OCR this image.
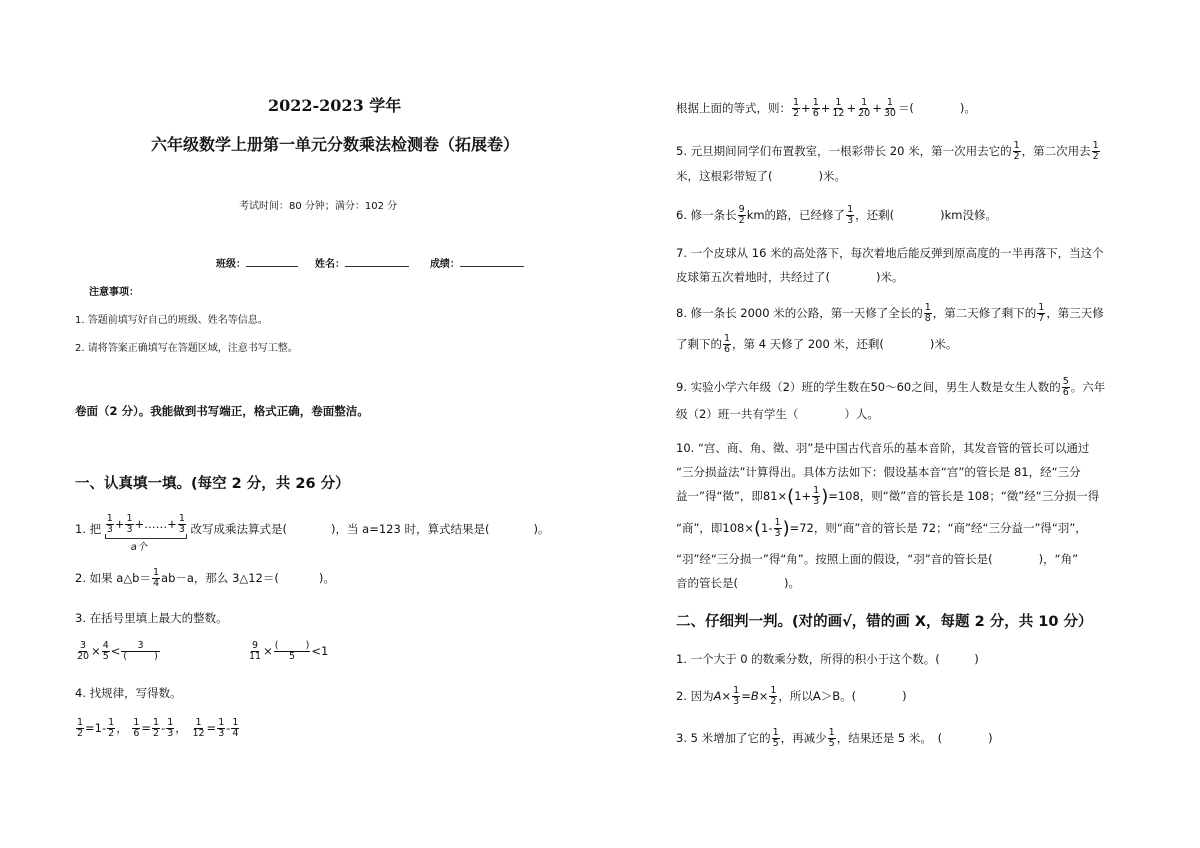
2022-2023 学年
六年级数学上册第一单元分数乘法检测卷（拓展卷）
考试时间：80 分钟；满分：102 分
班级：	姓名：	成绩：
注意事项：
1. 答题前填写好自己的班级、姓名等信息。
2. 请将答案正确填写在答题区域，注意书写工整。
卷面（2 分）。我能做到书写端正，格式正确，卷面整洁。
一、认真填一填。(每空 2 分，共 26 分）
1. 把 $\frac{1}{3} + \frac{1}{3}$ +……+ $\frac{1}{3}$
a个
改写成乘法算式是(	)，当 a=123 时，算式结果是(	)。
2. 如果 a△b＝ $\frac{1}{4} ab-a$，那么 3△12＝(	)。
3. 在括号里填上最大的整数。
$\frac{3}{20} \times \frac{4}{5} < \frac{3}{( )}$	$\frac{9}{11} \times \frac{( )}{5} <1$
4. 找规律，写得数。
$\frac{1}{2} =1- \frac{1}{2}$ ， $\frac{1}{6} = \frac{1}{2} - \frac{1}{3}$ ， $\frac{1}{12} = \frac{1}{3} - \frac{1}{4}$
根据上面的等式，则： $\frac{1}{2} + \frac{1}{6} + \frac{1}{12} + \frac{1}{20} + \frac{1}{30}$ ＝(　　　　)。
5. 元旦期间同学们布置教室，一根彩带长 20 米，第一次用去它的 $\frac{1}{2}$ ，第二次用去 $\frac{1}{2}$
米，这根彩带短了(　　　　)米。
6. 修一条长 $\frac{9}{2}$ km的路，已经修了 $\frac{1}{3}$ ，还剩(　　　　)km没修。
7. 一个皮球从 16 米的高处落下，每次着地后能反弹到原高度的一半再落下，当这个
皮球第五次着地时，共经过了(　　　　)米。
8. 修一条长 2000 米的公路，第一天修了全长的 $\frac{1}{8}$ ，第二天修了剩下的 $\frac{1}{7}$ ，第三天修
了剩下的 $\frac{1}{6}$ ，第 4 天修了 200 米，还剩(　　　　)米。
9. 实验小学六年级（2）班的学生数在50～60之间，男生人数是女生人数的 $\frac{5}{6}$ 。六年
级（2）班一共有学生（　　　　）人。
10. “宫、商、角、徵、羽”是中国古代音乐的基本音阶，其发音管的管长可以通过
“三分损益法”计算得出。具体方法如下：假设基本音“宫”的管长是 81，经“三分
益一”得“徵”，即$81\times(1+ \frac{1}{3} )=108$，则“徵”音的管长是 108；“徵”经“三分损一得
“商”，即$108\times(1- \frac{1}{3} )=72$，则“商”音的管长是 72；“商”经“三分益一”得“羽”，
“羽”经“三分损一”得“角”。按照上面的假设，“羽”音的管长是(　　　　)，“角”
音的管长是(　　　　)。
二、仔细判一判。(对的画√，错的画 X，每题 2 分，共 10 分）
1. 一个大于 0 的数乘分数，所得的积小于这个数。(　　　)
2. 因为$A\times \frac{1}{3} =B\times \frac{1}{2}$ ，所以A＞B。(　　　　)
3. 5 米增加了它的 $\frac{1}{5}$ ，再减少 $\frac{1}{5}$ ，结果还是 5 米。　(　　　　)
